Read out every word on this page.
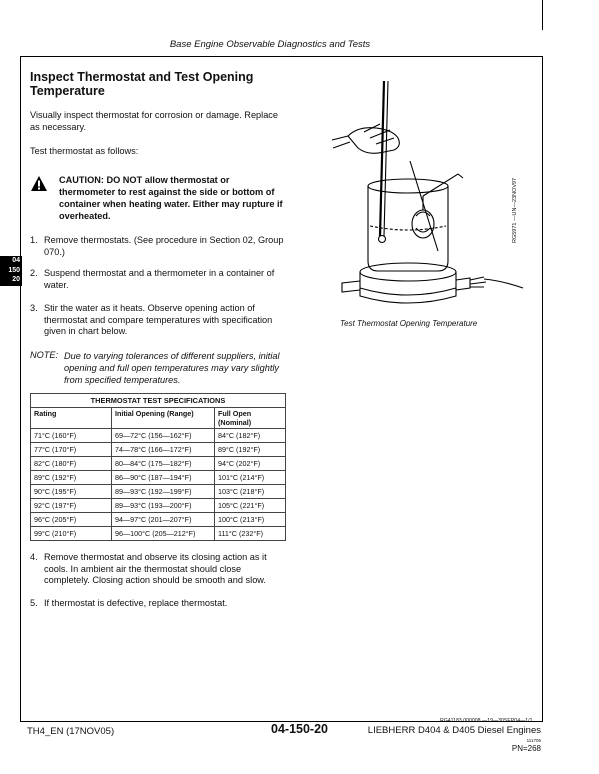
Base Engine Observable Diagnostics and Tests
Inspect Thermostat and Test Opening Temperature
Visually inspect thermostat for corrosion or damage. Replace as necessary.
Test thermostat as follows:
CAUTION: DO NOT allow thermostat or thermometer to rest against the side or bottom of container when heating water. Either may rupture if overheated.
1. Remove thermostats. (See procedure in Section 02, Group 070.)
2. Suspend thermostat and a thermometer in a container of water.
3. Stir the water as it heats. Observe opening action of thermostat and compare temperatures with specification given in chart below.
NOTE: Due to varying tolerances of different suppliers, initial opening and full open temperatures may vary slightly from specified temperatures.
THERMOSTAT TEST SPECIFICATIONS		
Rating	Initial Opening (Range)	Full Open (Nominal)
71°C (160°F)	69—72°C (156—162°F)	84°C (182°F)
77°C (170°F)	74—78°C (166—172°F)	89°C (192°F)
82°C (180°F)	80—84°C (175—182°F)	94°C (202°F)
89°C (192°F)	86—90°C (187—194°F)	101°C (214°F)
90°C (195°F)	89—93°C (192—199°F)	103°C (218°F)
92°C (197°F)	89—93°C (193—200°F)	105°C (221°F)
96°C (205°F)	94—97°C (201—207°F)	100°C (213°F)
99°C (210°F)	96—100°C (205—212°F)	111°C (232°F)
4. Remove thermostat and observe its closing action as it cools. In ambient air the thermostat should close completely. Closing action should be smooth and slow.
5. If thermostat is defective, replace thermostat.
04
150
20
Test Thermostat Opening Temperature
RG5971 —UN—23NOV97
RG41183,000008 —19—30SEP04—1/1
TH4_EN (17NOV05)	04-150-20	LIEBHERR D404 & D405 Diesel Engines
111706
PN=268
